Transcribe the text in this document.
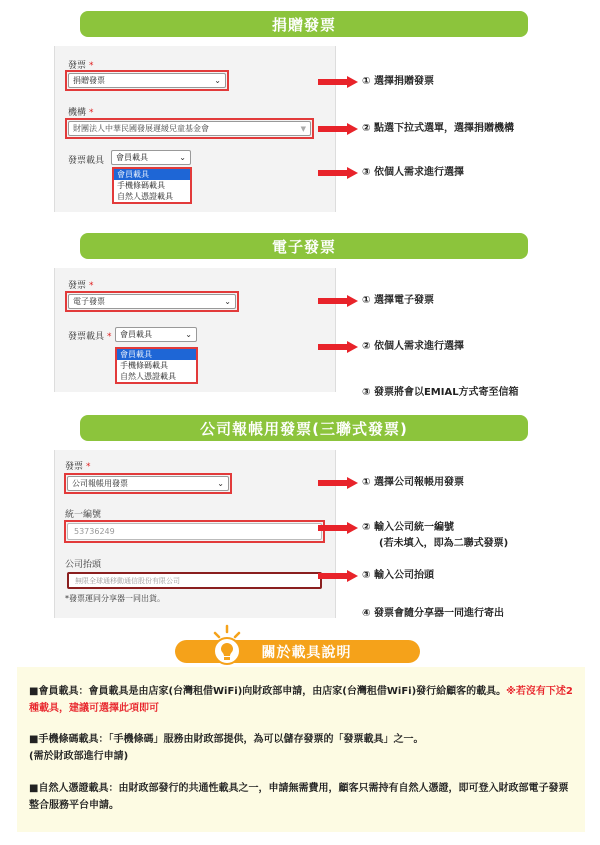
捐贈發票
發票 *
捐贈發票	⌄
機構 *
財團法人中華民國發展遲緩兒童基金會	▼
發票載具 會員載具	⌄
會員載具
手機條碼載具
自然人憑證載具
① 選擇捐贈發票
② 點選下拉式選單，選擇捐贈機構
③ 依個人需求進行選擇
電子發票
發票 *
電子發票	⌄
發票載具 * 會員載具	⌄
會員載具
手機條碼載具
自然人憑證載具
① 選擇電子發票
② 依個人需求進行選擇
③ 發票將會以EMIAL方式寄至信箱
公司報帳用發票(三聯式發票)
發票 *
公司報帳用發票	⌄
統一編號
53736249
公司抬頭
無限全球通移動通信股份有限公司
*發票運同分享器一同出貨。
① 選擇公司報帳用發票
② 輸入公司統一編號
(若未填入，即為二聯式發票)
③ 輸入公司抬頭
④ 發票會隨分享器一同進行寄出
關於載具說明
■會員載具：會員載具是由店家(台灣租借WiFi)向財政部申請，由店家(台灣租借WiFi)發行給顧客的載具。※若沒有下述2種載具，建議可選擇此項即可
■手機條碼載具：「手機條碼」服務由財政部提供，為可以儲存發票的「發票載具」之一。
(需於財政部進行申請)
■自然人憑證載具：由財政部發行的共通性載具之一，申請無需費用，顧客只需持有自然人憑證，即可登入財政部電子發票整合服務平台申請。
